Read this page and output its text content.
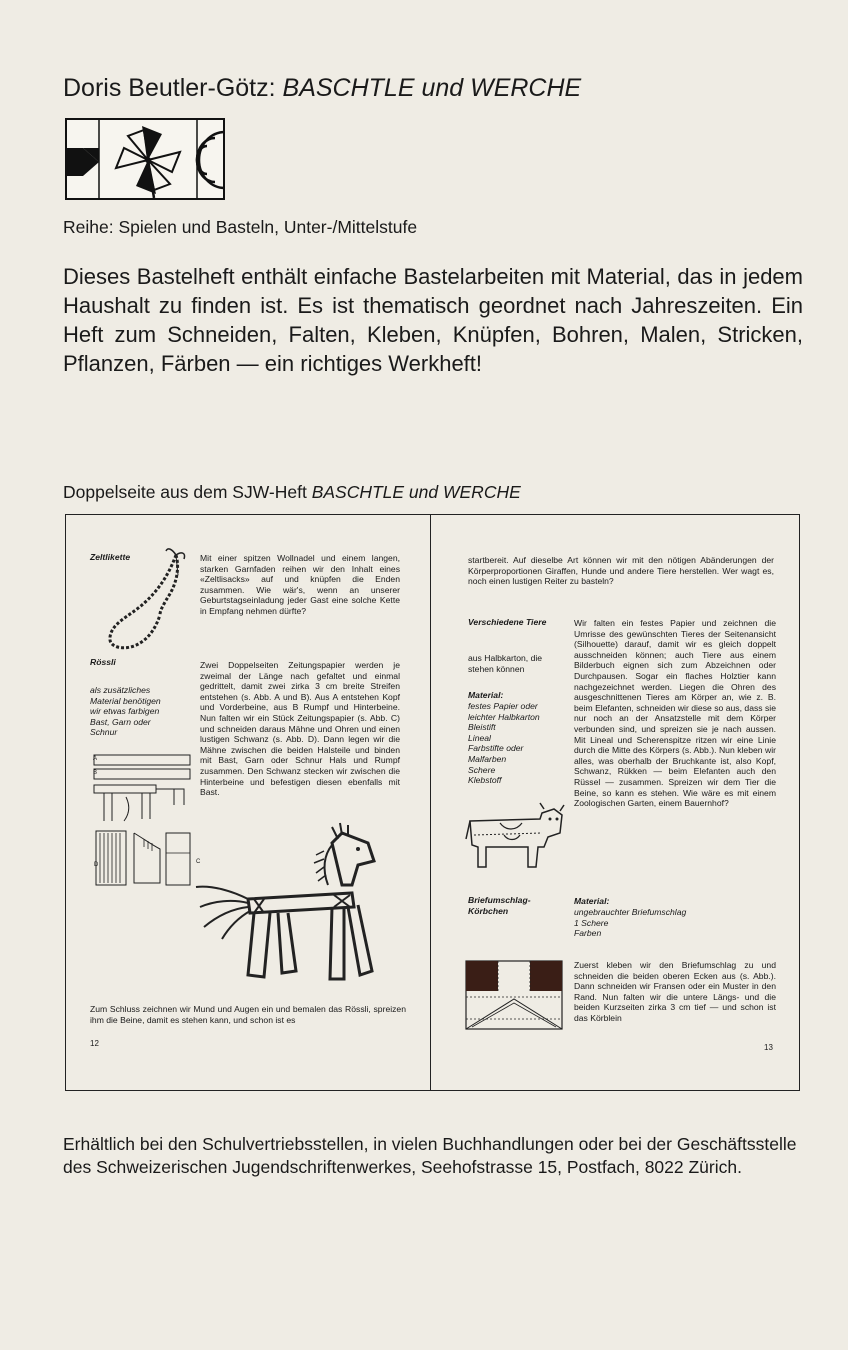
Doris Beutler-Götz: BASCHTLE und WERCHE
Reihe: Spielen und Basteln, Unter-/Mittelstufe

Dieses Bastelheft enthält einfache Bastelarbeiten mit Material, das in jedem Haushalt zu finden ist. Es ist thematisch geordnet nach Jahreszeiten. Ein Heft zum Schneiden, Falten, Kleben, Knüpfen, Bohren, Malen, Stricken, Pflanzen, Färben — ein richtiges Werkheft!

Doppelseite aus dem SJW-Heft BASCHTLE und WERCHE
Zeltlikette	Mit einer spitzen Wollnadel und einem langen, starken Garnfaden reihen wir den Inhalt eines «Zeltlisacks» auf und knüpfen die Enden zusammen. Wie wär's, wenn an unserer Geburtstagseinladung jeder Gast eine solche Kette in Empfang nehmen dürfte?
Rössli
als zusätzliches Material benötigen wir etwas farbigen Bast, Garn oder Schnur
Zwei Doppelseiten Zeitungspapier werden je zweimal der Länge nach gefaltet und einmal gedrittelt, damit zwei zirka 3 cm breite Streifen entstehen (s. Abb. A und B). Aus A entstehen Kopf und Vorderbeine, aus B Rumpf und Hinterbeine. Nun falten wir ein Stück Zeitungspapier (s. Abb. C) und schneiden daraus Mähne und Ohren und einen lustigen Schwanz (s. Abb. D). Dann legen wir die Mähne zwischen die beiden Halsteile und binden mit Bast, Garn oder Schnur Hals und Rumpf zusammen. Den Schwanz stecken wir zwischen die Hinterbeine und befestigen diesen ebenfalls mit Bast.
A
B
D	C
Zum Schluss zeichnen wir Mund und Augen ein und bemalen das Rössli, spreizen ihm die Beine, damit es stehen kann, und schon ist es
12
startbereit. Auf dieselbe Art können wir mit den nötigen Abänderungen der Körperproportionen Giraffen, Hunde und andere Tiere herstellen. Wer wagt es, noch einen lustigen Reiter zu basteln?
Verschiedene Tiere
aus Halbkarton, die stehen können
Material:

festes Papier oder leichter Halbkarton

Bleistift

Lineal

Farbstifte oder Malfarben

Schere

Klebstoff

Wir falten ein festes Papier und zeichnen die Umrisse des gewünschten Tieres der Seitenansicht (Silhouette) darauf, damit wir es gleich doppelt ausschneiden können; auch Tiere aus einem Bilderbuch eignen sich zum Abzeichnen oder Durchpausen. Sogar ein flaches Holztier kann nachgezeichnet werden. Liegen die Ohren des ausgeschnittenen Tieres am Körper an, wie z. B. beim Elefanten, schneiden wir diese so aus, dass sie nur noch an der Ansatzstelle mit dem Körper verbunden sind, und spreizen sie je nach aussen. Mit Lineal und Scherenspitze ritzen wir eine Linie durch die Mitte des Körpers (s. Abb.). Nun kleben wir alles, was oberhalb der Bruchkante ist, also Kopf, Schwanz, Rükken — beim Elefanten auch den Rüssel — zusammen. Spreizen wir dem Tier die Beine, so kann es stehen. Wie wäre es mit einem Zoologischen Garten, einem Bauernhof?
Briefumschlag-Körbchen
Material:

ungebrauchter Briefumschlag

1 Schere

Farben

Zuerst kleben wir den Briefumschlag zu und schneiden die beiden oberen Ecken aus (s. Abb.). Dann schneiden wir Fransen oder ein Muster in den Rand. Nun falten wir die untere Längs- und die beiden Kurzseiten zirka 3 cm tief — und schon ist das Körblein
13

Erhältlich bei den Schulvertriebsstellen, in vielen Buchhandlungen oder bei der Geschäftsstelle des Schweizerischen Jugendschriftenwerkes, Seehofstrasse 15, Postfach, 8022 Zürich.
